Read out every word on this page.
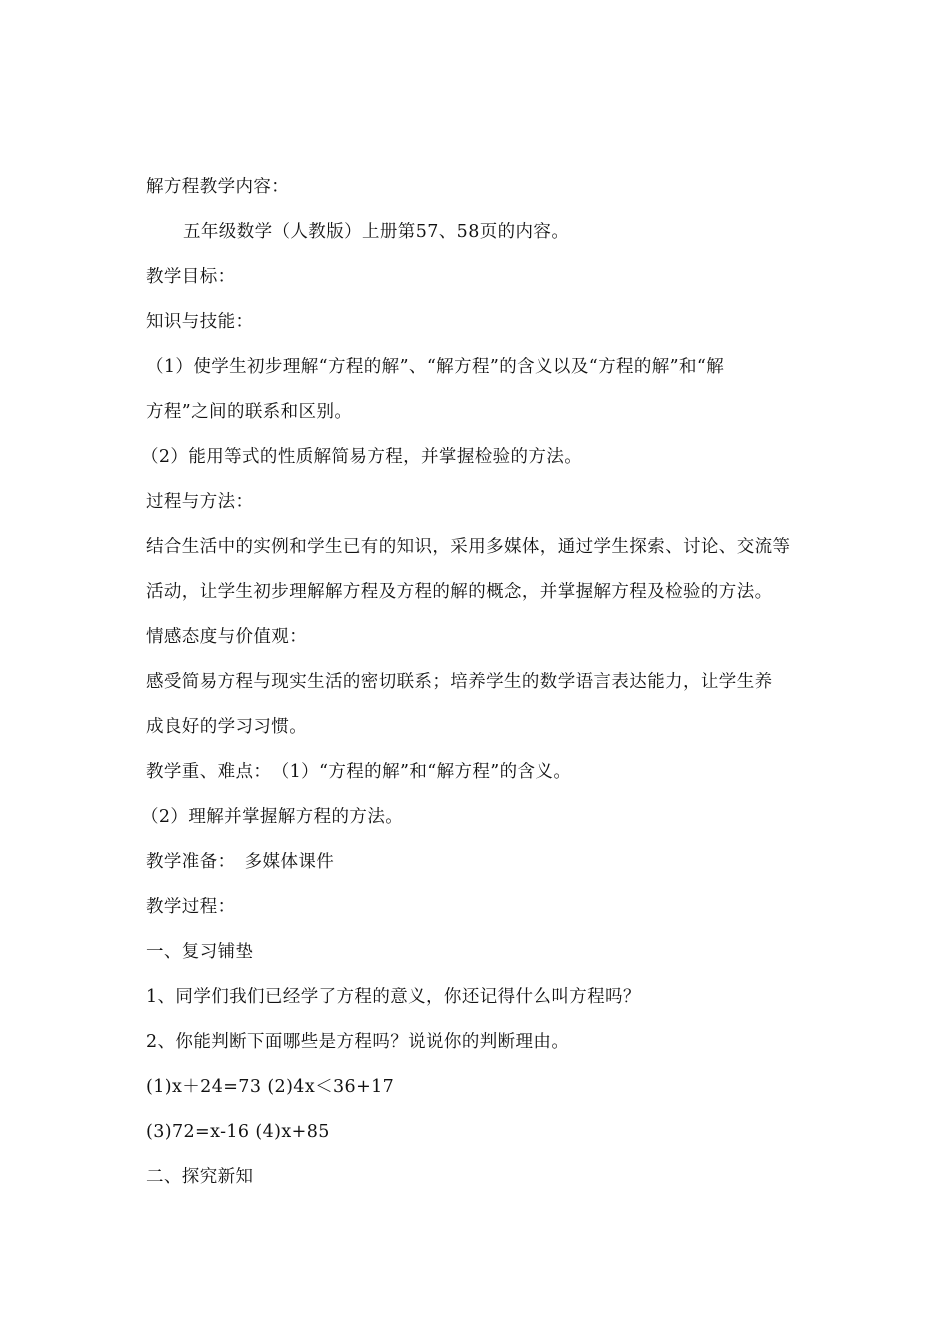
解方程教学内容：
五年级数学（人教版）上册第57、58页的内容。
教学目标：
知识与技能：
（1）使学生初步理解“方程的解”、“解方程”的含义以及“方程的解”和“解
方程”之间的联系和区别。
（2）能用等式的性质解简易方程，并掌握检验的方法。
过程与方法：
结合生活中的实例和学生已有的知识，采用多媒体，通过学生探索、讨论、交流等
活动，让学生初步理解解方程及方程的解的概念，并掌握解方程及检验的方法。
情感态度与价值观：
感受简易方程与现实生活的密切联系；培养学生的数学语言表达能力，让学生养
成良好的学习习惯。
教学重、难点：　（1）“方程的解”和“解方程”的含义。
（2）理解并掌握解方程的方法。
教学准备：　多媒体课件
教学过程：
一、复习铺垫
1、同学们我们已经学了方程的意义，你还记得什么叫方程吗？
2、你能判断下面哪些是方程吗？说说你的判断理由。
(1)x＋24=73 (2)4x＜36+17
(3)72=x-16 (4)x+85
二、探究新知
